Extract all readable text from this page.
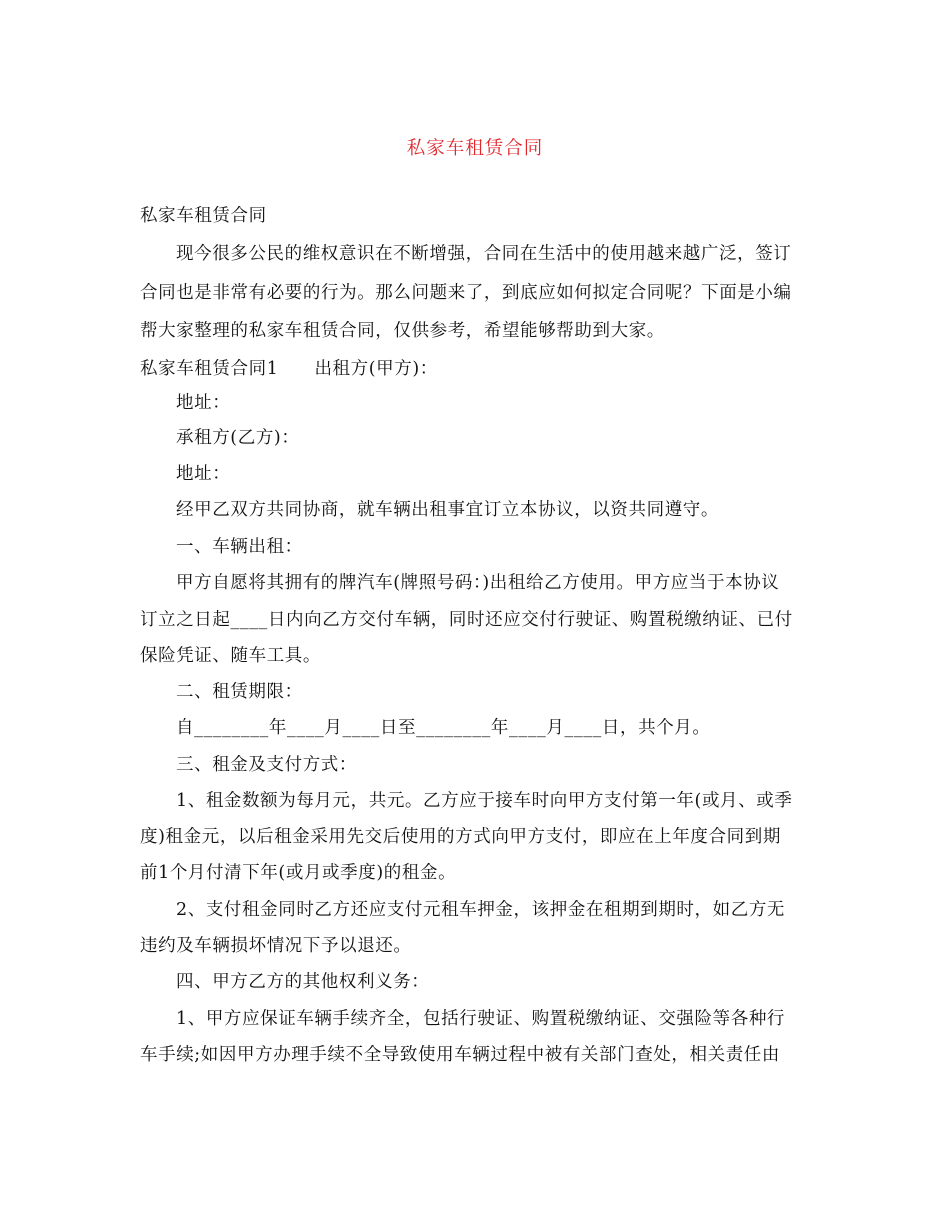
私家车租赁合同
私家车租赁合同
现今很多公民的维权意识在不断增强，合同在生活中的使用越来越广泛，签订
合同也是非常有必要的行为。那么问题来了，到底应如何拟定合同呢？下面是小编
帮大家整理的私家车租赁合同，仅供参考，希望能够帮助到大家。
私家车租赁合同1 出租方(甲方)：
地址：
承租方(乙方)：
地址：
经甲乙双方共同协商，就车辆出租事宜订立本协议，以资共同遵守。
一、车辆出租：
甲方自愿将其拥有的牌汽车(牌照号码：)出租给乙方使用。甲方应当于本协议
订立之日起____日内向乙方交付车辆，同时还应交付行驶证、购置税缴纳证、已付
保险凭证、随车工具。
二、租赁期限：
自________年____月____日至________年____月____日，共个月。
三、租金及支付方式：
1、租金数额为每月元，共元。乙方应于接车时向甲方支付第一年(或月、或季
度)租金元，以后租金采用先交后使用的方式向甲方支付，即应在上年度合同到期
前1个月付清下年(或月或季度)的租金。
2、支付租金同时乙方还应支付元租车押金，该押金在租期到期时，如乙方无
违约及车辆损坏情况下予以退还。
四、甲方乙方的其他权利义务：
1、甲方应保证车辆手续齐全，包括行驶证、购置税缴纳证、交强险等各种行
车手续;如因甲方办理手续不全导致使用车辆过程中被有关部门查处，相关责任由
